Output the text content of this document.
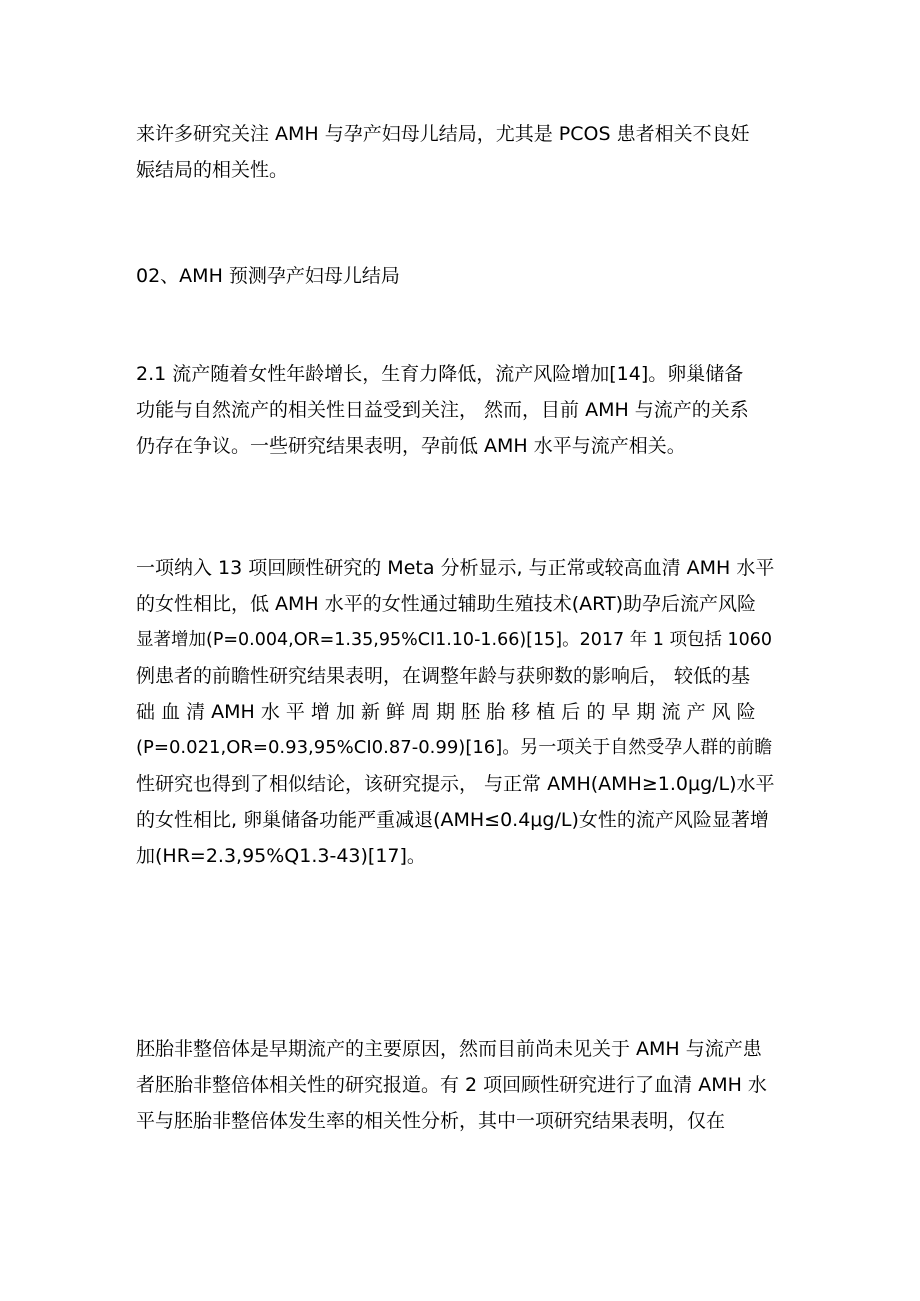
来许多研究关注 AMH 与孕产妇母儿结局，尤其是 PCOS 患者相关不良妊
娠结局的相关性。
02、AMH 预测孕产妇母儿结局
2.1 流产随着女性年龄增长，生育力降低，流产风险增加[14]。卵巢储备
功能与自然流产的相关性日益受到关注， 然而，目前 AMH 与流产的关系
仍存在争议。一些研究结果表明，孕前低 AMH 水平与流产相关。
一项纳入 13 项回顾性研究的 Meta 分析显示, 与正常或较高血清 AMH 水平
的女性相比，低 AMH 水平的女性通过辅助生殖技术(ART)助孕后流产风险
显著增加(P=0.004,OR=1.35,95%CI1.10-1.66)[15]。2017 年 1 项包括 1060
例患者的前瞻性研究结果表明，在调整年龄与获卵数的影响后， 较低的基
础 血 清 AMH 水 平 增 加 新 鲜 周 期 胚 胎 移 植 后 的 早 期 流 产 风 险
(P=0.021,OR=0.93,95%CI0.87-0.99)[16]。另一项关于自然受孕人群的前瞻
性研究也得到了相似结论，该研究提示， 与正常 AMH(AMH≥1.0μg/L)水平
的女性相比, 卵巢储备功能严重减退(AMH≤0.4μg/L)女性的流产风险显著增
加(HR=2.3,95%Q1.3-43)[17]。
胚胎非整倍体是早期流产的主要原因，然而目前尚未见关于 AMH 与流产患
者胚胎非整倍体相关性的研究报道。有 2 项回顾性研究进行了血清 AMH 水
平与胚胎非整倍体发生率的相关性分析，其中一项研究结果表明，仅在
